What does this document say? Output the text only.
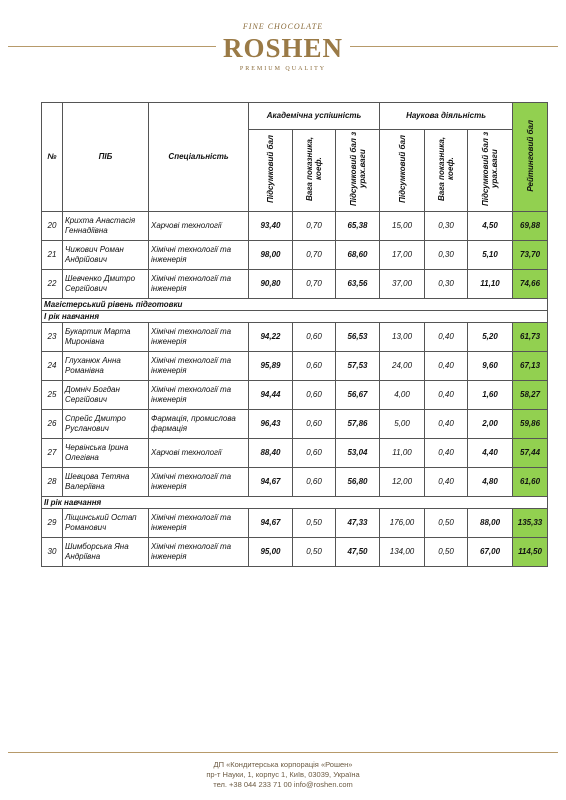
FINE CHOCOLATE
ROSHEN
PREMIUM QUALITY
№	ПІБ	Спеціальність	Академічна успішність			Наукова діяльність			Рейтинговий бал
			Підсумковий бал	Вага показника, коеф.	Підсумковий бал з урах.ваги	Підсумковий бал	Вага показника, коеф.	Підсумковий бал з урах.ваги	
20	Крихта Анастасія Геннадіївна	Харчові технології	93,40	0,70	65,38	15,00	0,30	4,50	69,88
21	Чижович Роман Андрійович	Хімічні технології та інженерія	98,00	0,70	68,60	17,00	0,30	5,10	73,70
22	Шевченко Дмитро Сергійович	Хімічні технології та інженерія	90,80	0,70	63,56	37,00	0,30	11,10	74,66
Магістерський рівень підготовки									
I рік навчання									
23	Букартик Марта Миронівна	Хімічні технології та інженерія	94,22	0,60	56,53	13,00	0,40	5,20	61,73
24	Глуханюк Анна Романівна	Хімічні технології та інженерія	95,89	0,60	57,53	24,00	0,40	9,60	67,13
25	Домніч Богдан Сергійович	Хімічні технології та інженерія	94,44	0,60	56,67	4,00	0,40	1,60	58,27
26	Спрейс Дмитро Русланович	Фармація, промислова фармація	96,43	0,60	57,86	5,00	0,40	2,00	59,86
27	Червінська Ірина Олегівна	Харчові технології	88,40	0,60	53,04	11,00	0,40	4,40	57,44
28	Шевцова Тетяна Валеріївна	Хімічні технології та інженерія	94,67	0,60	56,80	12,00	0,40	4,80	61,60
II рік навчання									
29	Ліщинський Остап Романович	Хімічні технології та інженерія	94,67	0,50	47,33	176,00	0,50	88,00	135,33
30	Шимборська Яна Андріївна	Хімічні технології та інженерія	95,00	0,50	47,50	134,00	0,50	67,00	114,50
ДП «Кондитерська корпорація «Рошен»
пр-т Науки, 1, корпус 1, Київ, 03039, Україна
тел. +38 044 233 71 00 info@roshen.com
